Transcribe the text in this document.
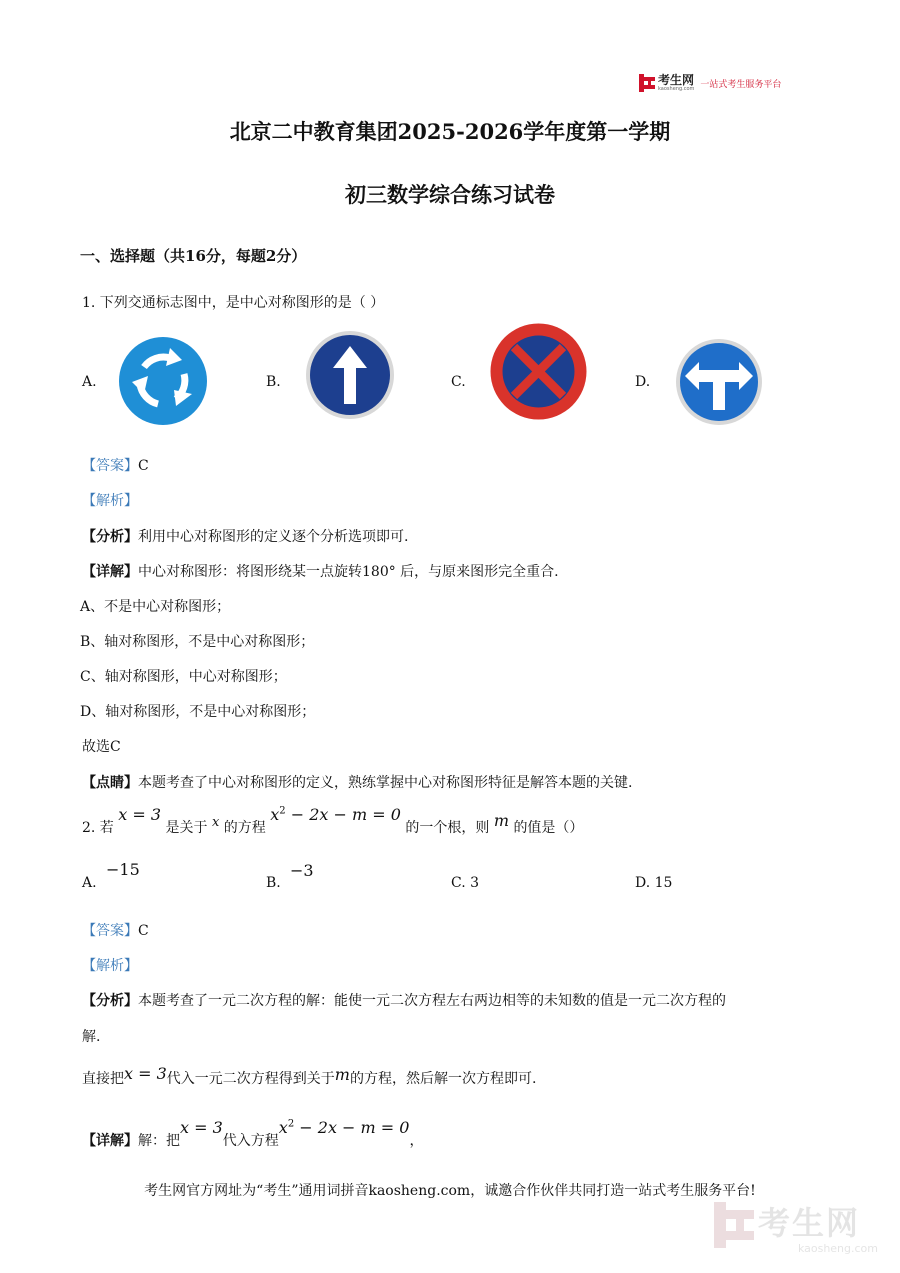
考生网
kaosheng.com 一站式考生服务平台
北京二中教育集团2025-2026学年度第一学期
初三数学综合练习试卷
一、选择题（共16分，每题2分）
1. 下列交通标志图中，是中心对称图形的是（ ）
A.	B.	C.	D.
【答案】C
【解析】
【分析】利用中心对称图形的定义逐个分析选项即可.
【详解】中心对称图形：将图形绕某一点旋转180° 后，与原来图形完全重合.
A、不是中心对称图形；
B、轴对称图形，不是中心对称图形；
C、轴对称图形，中心对称图形；
D、轴对称图形，不是中心对称图形；
故选C
【点睛】本题考查了中心对称图形的定义，熟练掌握中心对称图形特征是解答本题的关键.
2. 若 x = 3 是关于 x 的方程 $x^2 - 2x - m = 0$ 的一个根，则 m 的值是（）
A.
−15
B.
−3
C. 3	D. 15
【答案】C
【解析】
【分析】本题考查了一元二次方程的解：能使一元二次方程左右两边相等的未知数的值是一元二次方程的
解.
直接把x = 3代入一元二次方程得到关于m的方程，然后解一次方程即可.
【详解】解：把x = 3代入方程$x^2 - 2x - m = 0$，
考生网官方网址为“考生”通用词拼音kaosheng.com，诚邀合作伙伴共同打造一站式考生服务平台!
考生网
kaosheng.com
